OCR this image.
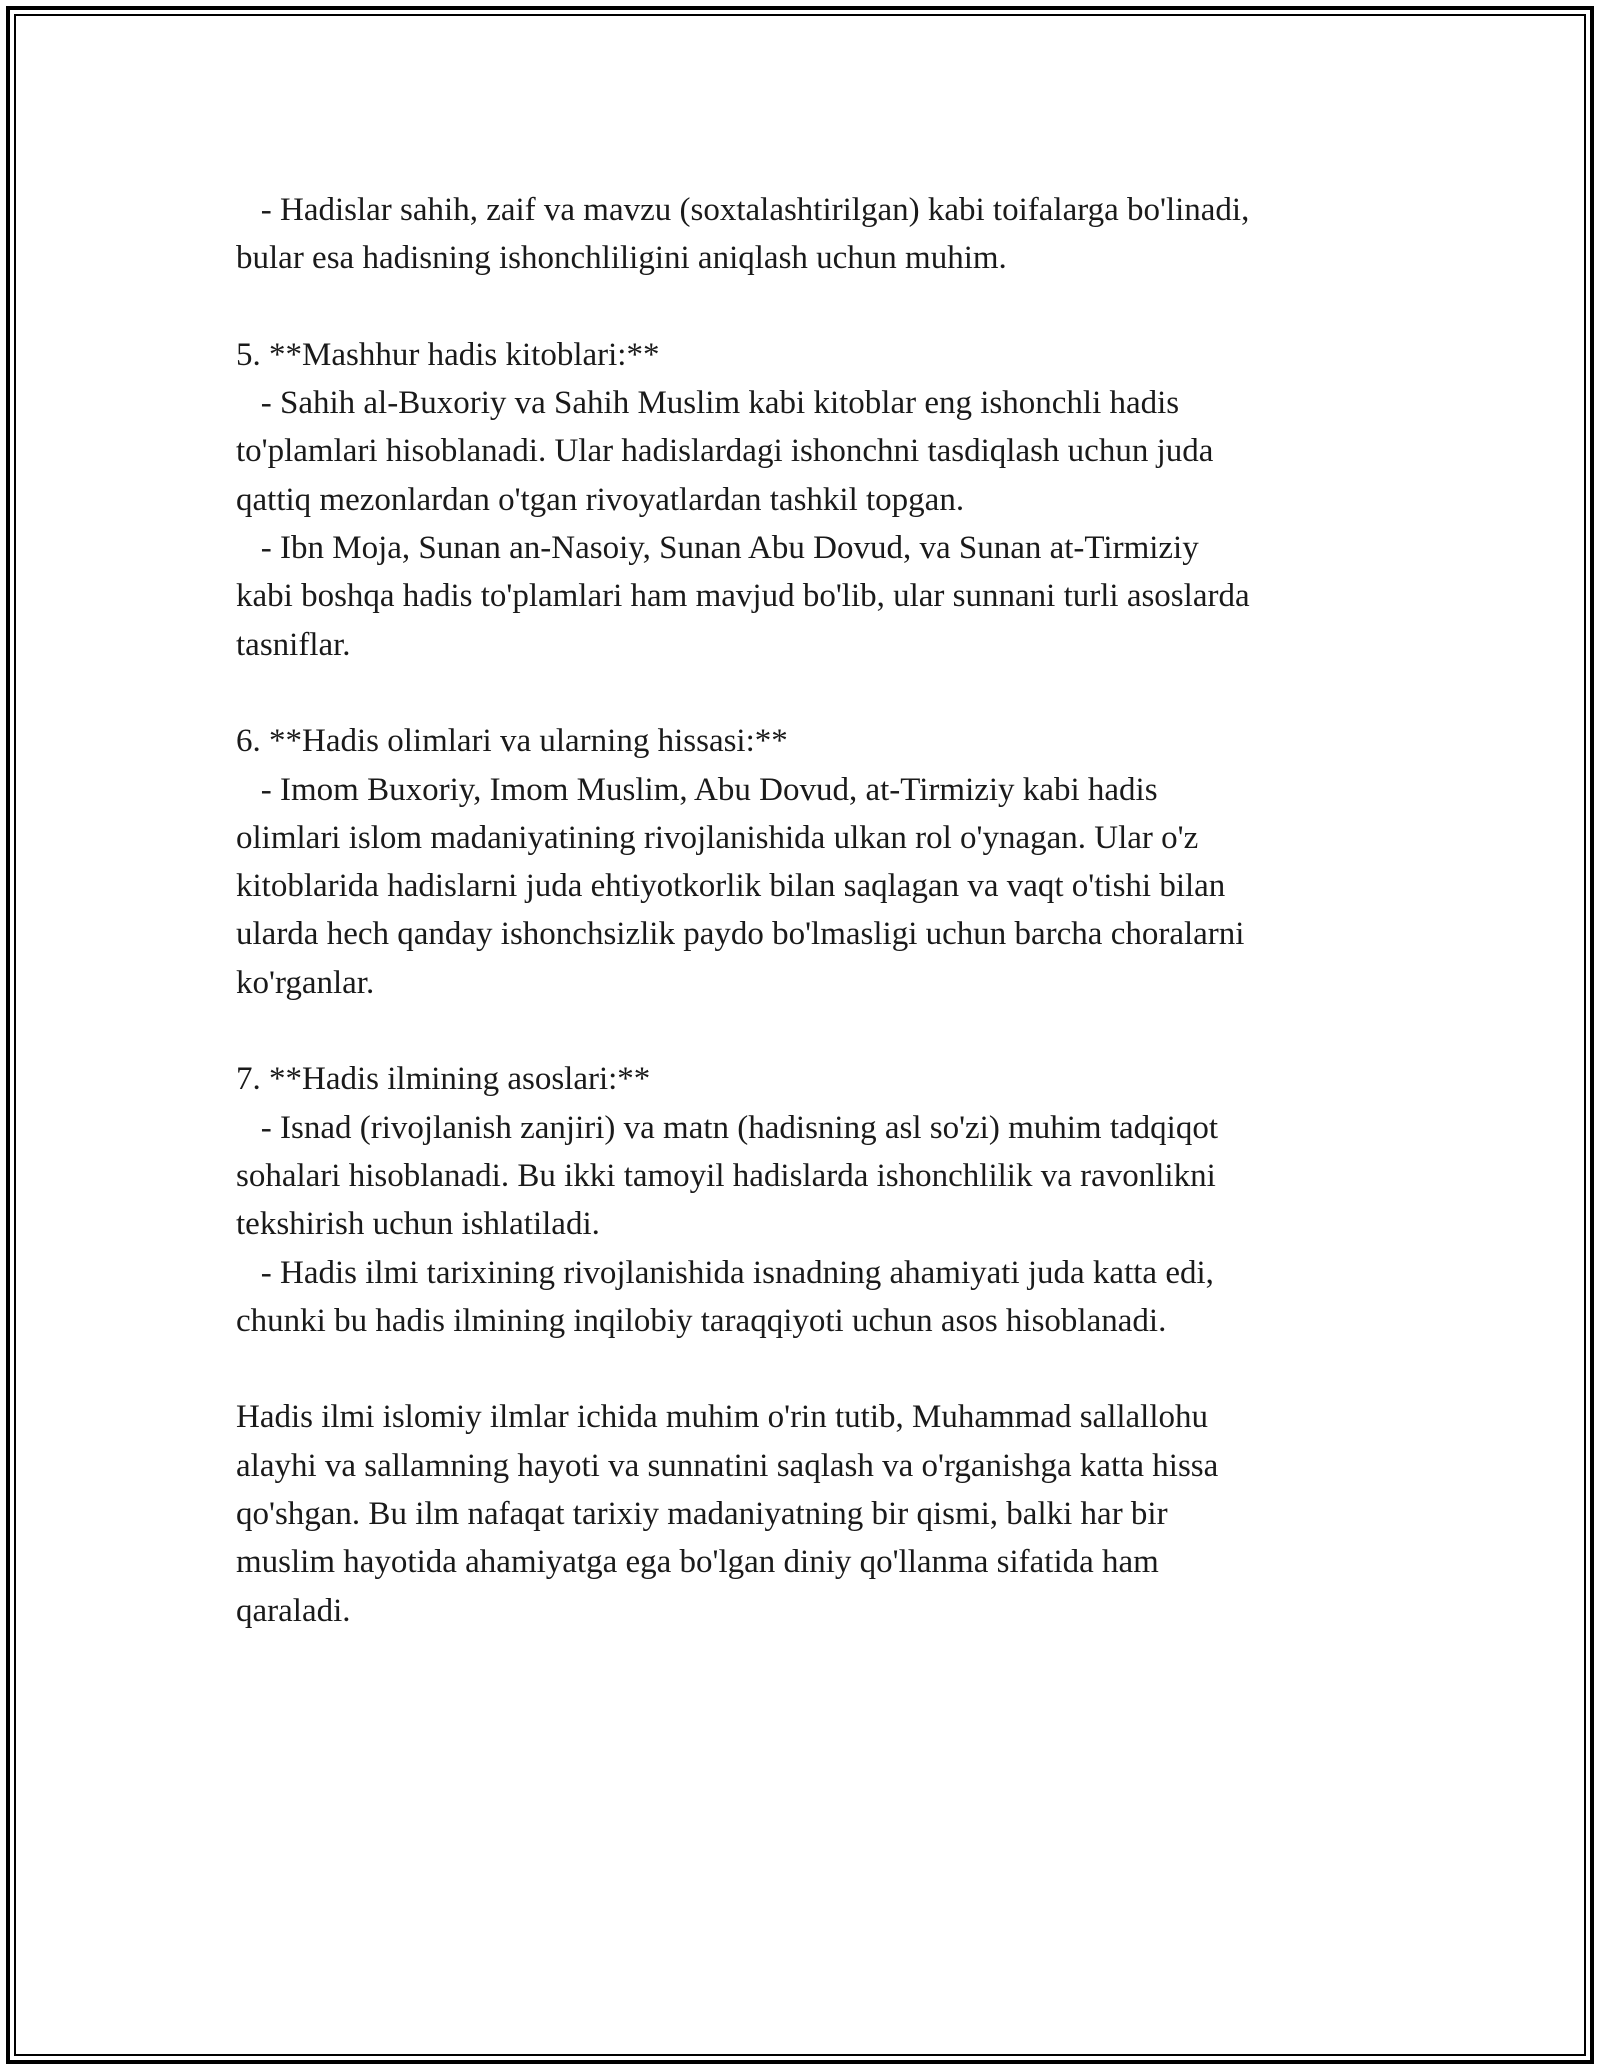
- Hadislar sahih, zaif va mavzu (soxtalashtirilgan) kabi toifalarga bo'linadi,
bular esa hadisning ishonchliligini aniqlash uchun muhim.
5. **Mashhur hadis kitoblari:**
- Sahih al-Buxoriy va Sahih Muslim kabi kitoblar eng ishonchli hadis
to'plamlari hisoblanadi. Ular hadislardagi ishonchni tasdiqlash uchun juda
qattiq mezonlardan o'tgan rivoyatlardan tashkil topgan.
- Ibn Moja, Sunan an-Nasoiy, Sunan Abu Dovud, va Sunan at-Tirmiziy
kabi boshqa hadis to'plamlari ham mavjud bo'lib, ular sunnani turli asoslarda
tasniflar.
6. **Hadis olimlari va ularning hissasi:**
- Imom Buxoriy, Imom Muslim, Abu Dovud, at-Tirmiziy kabi hadis
olimlari islom madaniyatining rivojlanishida ulkan rol o'ynagan. Ular o'z
kitoblarida hadislarni juda ehtiyotkorlik bilan saqlagan va vaqt o'tishi bilan
ularda hech qanday ishonchsizlik paydo bo'lmasligi uchun barcha choralarni
ko'rganlar.
7. **Hadis ilmining asoslari:**
- Isnad (rivojlanish zanjiri) va matn (hadisning asl so'zi) muhim tadqiqot
sohalari hisoblanadi. Bu ikki tamoyil hadislarda ishonchlilik va ravonlikni
tekshirish uchun ishlatiladi.
- Hadis ilmi tarixining rivojlanishida isnadning ahamiyati juda katta edi,
chunki bu hadis ilmining inqilobiy taraqqiyoti uchun asos hisoblanadi.
Hadis ilmi islomiy ilmlar ichida muhim o'rin tutib, Muhammad sallallohu
alayhi va sallamning hayoti va sunnatini saqlash va o'rganishga katta hissa
qo'shgan. Bu ilm nafaqat tarixiy madaniyatning bir qismi, balki har bir
muslim hayotida ahamiyatga ega bo'lgan diniy qo'llanma sifatida ham
qaraladi.
